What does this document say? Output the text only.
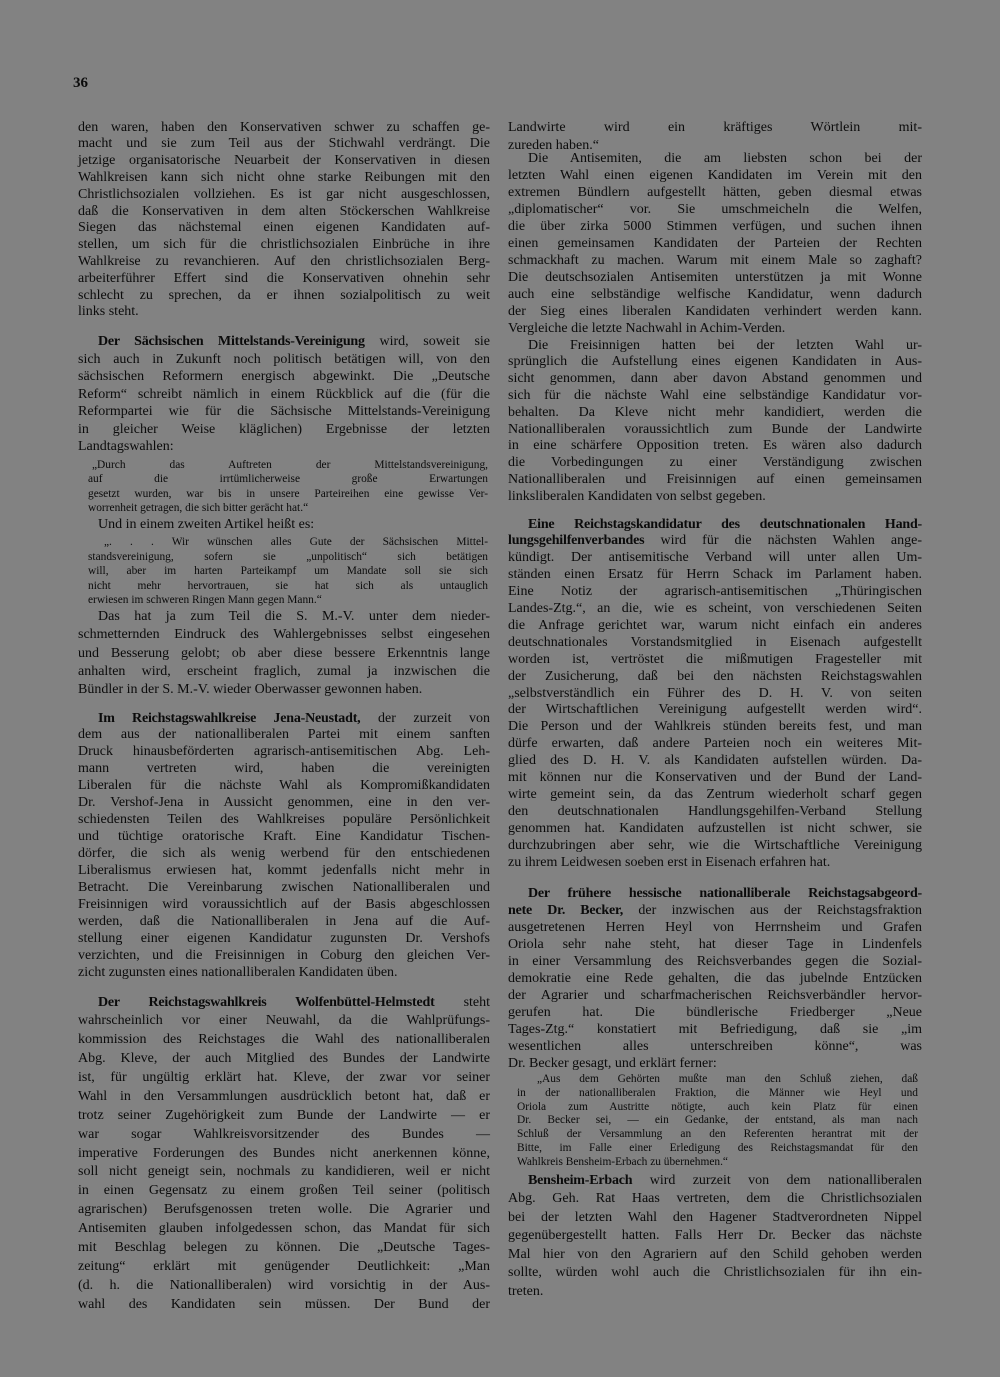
36
den waren, haben den Konservativen schwer zu schaffen ge-
macht und sie zum Teil aus der Stichwahl verdrängt. Die
jetzige organisatorische Neuarbeit der Konservativen in diesen
Wahlkreisen kann sich nicht ohne starke Reibungen mit den
Christlichsozialen vollziehen. Es ist gar nicht ausgeschlossen,
daß die Konservativen in dem alten Stöckerschen Wahlkreise
Siegen das nächstemal einen eigenen Kandidaten auf-
stellen, um sich für die christlichsozialen Einbrüche in ihre
Wahlkreise zu revanchieren. Auf den christlichsozialen Berg-
arbeiterführer Effert sind die Konservativen ohnehin sehr
schlecht zu sprechen, da er ihnen sozialpolitisch zu weit
links steht.
Der Sächsischen Mittelstands-Vereinigung wird, soweit sie
sich auch in Zukunft noch politisch betätigen will, von den
sächsischen Reformern energisch abgewinkt. Die „Deutsche
Reform“ schreibt nämlich in einem Rückblick auf die (für die
Reformpartei wie für die Sächsische Mittelstands-Vereinigung
in gleicher Weise kläglichen) Ergebnisse der letzten
Landtagswahlen:
„Durch das Auftreten der Mittelstandsvereinigung,
auf die irrtümlicherweise große Erwartungen
gesetzt wurden, war bis in unsere Parteireihen eine gewisse Ver-
worrenheit getragen, die sich bitter gerächt hat.“
Und in einem zweiten Artikel heißt es:
„. . . Wir wünschen alles Gute der Sächsischen Mittel-
standsvereinigung, sofern sie „unpolitisch“ sich betätigen
will, aber im harten Parteikampf um Mandate soll sie sich
nicht mehr hervortrauen, sie hat sich als untauglich
erwiesen im schweren Ringen Mann gegen Mann.“
Das hat ja zum Teil die S. M.-V. unter dem nieder-
schmetternden Eindruck des Wahlergebnisses selbst eingesehen
und Besserung gelobt; ob aber diese bessere Erkenntnis lange
anhalten wird, erscheint fraglich, zumal ja inzwischen die
Bündler in der S. M.-V. wieder Oberwasser gewonnen haben.
Im Reichstagswahlkreise Jena-Neustadt, der zurzeit von
dem aus der nationalliberalen Partei mit einem sanften
Druck hinausbeförderten agrarisch-antisemitischen Abg. Leh-
mann vertreten wird, haben die vereinigten
Liberalen für die nächste Wahl als Kompromißkandidaten
Dr. Vershof-Jena in Aussicht genommen, eine in den ver-
schiedensten Teilen des Wahlkreises populäre Persönlichkeit
und tüchtige oratorische Kraft. Eine Kandidatur Tischen-
dörfer, die sich als wenig werbend für den entschiedenen
Liberalismus erwiesen hat, kommt jedenfalls nicht mehr in
Betracht. Die Vereinbarung zwischen Nationalliberalen und
Freisinnigen wird voraussichtlich auf der Basis abgeschlossen
werden, daß die Nationalliberalen in Jena auf die Auf-
stellung einer eigenen Kandidatur zugunsten Dr. Vershofs
verzichten, und die Freisinnigen in Coburg den gleichen Ver-
zicht zugunsten eines nationalliberalen Kandidaten üben.
Der Reichstagswahlkreis Wolfenbüttel-Helmstedt steht
wahrscheinlich vor einer Neuwahl, da die Wahlprüfungs-
kommission des Reichstages die Wahl des nationalliberalen
Abg. Kleve, der auch Mitglied des Bundes der Landwirte
ist, für ungültig erklärt hat. Kleve, der zwar vor seiner
Wahl in den Versammlungen ausdrücklich betont hat, daß er
trotz seiner Zugehörigkeit zum Bunde der Landwirte — er
war sogar Wahlkreisvorsitzender des Bundes —
imperative Forderungen des Bundes nicht anerkennen könne,
soll nicht geneigt sein, nochmals zu kandidieren, weil er nicht
in einen Gegensatz zu einem großen Teil seiner (politisch
agrarischen) Berufsgenossen treten wolle. Die Agrarier und
Antisemiten glauben infolgedessen schon, das Mandat für sich
mit Beschlag belegen zu können. Die „Deutsche Tages-
zeitung“ erklärt mit genügender Deutlichkeit: „Man
(d. h. die Nationalliberalen) wird vorsichtig in der Aus-
wahl des Kandidaten sein müssen. Der Bund der
Landwirte wird ein kräftiges Wörtlein mit-
zureden haben.“
Die Antisemiten, die am liebsten schon bei der
letzten Wahl einen eigenen Kandidaten im Verein mit den
extremen Bündlern aufgestellt hätten, geben diesmal etwas
„diplomatischer“ vor. Sie umschmeicheln die Welfen,
die über zirka 5000 Stimmen verfügen, und suchen ihnen
einen gemeinsamen Kandidaten der Parteien der Rechten
schmackhaft zu machen. Warum mit einem Male so zaghaft?
Die deutschsozialen Antisemiten unterstützen ja mit Wonne
auch eine selbständige welfische Kandidatur, wenn dadurch
der Sieg eines liberalen Kandidaten verhindert werden kann.
Vergleiche die letzte Nachwahl in Achim-Verden.
Die Freisinnigen hatten bei der letzten Wahl ur-
sprünglich die Aufstellung eines eigenen Kandidaten in Aus-
sicht genommen, dann aber davon Abstand genommen und
sich für die nächste Wahl eine selbständige Kandidatur vor-
behalten. Da Kleve nicht mehr kandidiert, werden die
Nationalliberalen voraussichtlich zum Bunde der Landwirte
in eine schärfere Opposition treten. Es wären also dadurch
die Vorbedingungen zu einer Verständigung zwischen
Nationalliberalen und Freisinnigen auf einen gemeinsamen
linksliberalen Kandidaten von selbst gegeben.
Eine Reichstagskandidatur des deutschnationalen Hand-
lungsgehilfenverbandes wird für die nächsten Wahlen ange-
kündigt. Der antisemitische Verband will unter allen Um-
ständen einen Ersatz für Herrn Schack im Parlament haben.
Eine Notiz der agrarisch-antisemitischen „Thüringischen
Landes-Ztg.“, an die, wie es scheint, von verschiedenen Seiten
die Anfrage gerichtet war, warum nicht einfach ein anderes
deutschnationales Vorstandsmitglied in Eisenach aufgestellt
worden ist, vertröstet die mißmutigen Fragesteller mit
der Zusicherung, daß bei den nächsten Reichstagswahlen
„selbstverständlich ein Führer des D. H. V. von seiten
der Wirtschaftlichen Vereinigung aufgestellt werden wird“.
Die Person und der Wahlkreis stünden bereits fest, und man
dürfe erwarten, daß andere Parteien noch ein weiteres Mit-
glied des D. H. V. als Kandidaten aufstellen würden. Da-
mit können nur die Konservativen und der Bund der Land-
wirte gemeint sein, da das Zentrum wiederholt scharf gegen
den deutschnationalen Handlungsgehilfen-Verband Stellung
genommen hat. Kandidaten aufzustellen ist nicht schwer, sie
durchzubringen aber sehr, wie die Wirtschaftliche Vereinigung
zu ihrem Leidwesen soeben erst in Eisenach erfahren hat.
Der frühere hessische nationalliberale Reichstagsabgeord-
nete Dr. Becker, der inzwischen aus der Reichstagsfraktion
ausgetretenen Herren Heyl von Herrnsheim und Grafen
Oriola sehr nahe steht, hat dieser Tage in Lindenfels
in einer Versammlung des Reichsverbandes gegen die Sozial-
demokratie eine Rede gehalten, die das jubelnde Entzücken
der Agrarier und scharfmacherischen Reichsverbändler hervor-
gerufen hat. Die bündlerische Friedberger „Neue
Tages-Ztg.“ konstatiert mit Befriedigung, daß sie „im
wesentlichen alles unterschreiben könne“, was
Dr. Becker gesagt, und erklärt ferner:
„Aus dem Gehörten mußte man den Schluß ziehen, daß
in der nationalliberalen Fraktion, die Männer wie Heyl und
Oriola zum Austritte nötigte, auch kein Platz für einen
Dr. Becker sei, — ein Gedanke, der entstand, als man nach
Schluß der Versammlung an den Referenten herantrat mit der
Bitte, im Falle einer Erledigung des Reichstagsmandat für den
Wahlkreis Bensheim-Erbach zu übernehmen.“
Bensheim-Erbach wird zurzeit von dem nationalliberalen
Abg. Geh. Rat Haas vertreten, dem die Christlichsozialen
bei der letzten Wahl den Hagener Stadtverordneten Nippel
gegenübergestellt hatten. Falls Herr Dr. Becker das nächste
Mal hier von den Agrariern auf den Schild gehoben werden
sollte, würden wohl auch die Christlichsozialen für ihn ein-
treten.
